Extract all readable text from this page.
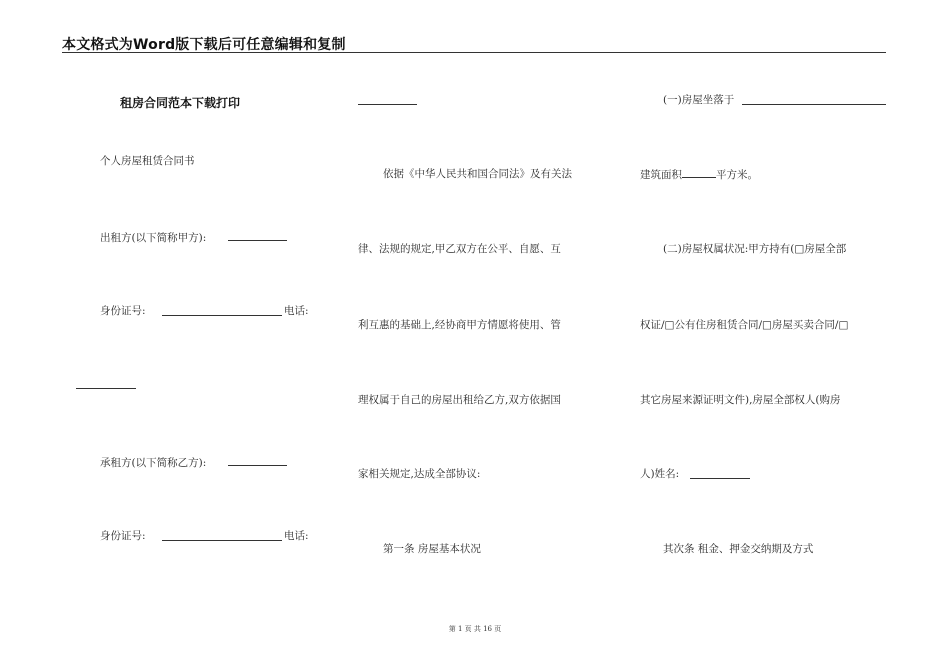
本文格式为Word版下载后可任意编辑和复制
租房合同范本下载打印
个人房屋租赁合同书
出租方(以下简称甲方):
身份证号:	电话:
承租方(以下简称乙方):
身份证号:	电话:
依据《中华人民共和国合同法》及有关法
律、法规的规定,甲乙双方在公平、自愿、互
利互惠的基础上,经协商甲方情愿将使用、管
理权属于自己的房屋出租给乙方,双方依据国
家相关规定,达成全部协议:
第一条 房屋基本状况
(一)房屋坐落于
建筑面积	平方米。
(二)房屋权属状况:甲方持有(□房屋全部
权证/□公有住房租赁合同/□房屋买卖合同/□
其它房屋来源证明文件),房屋全部权人(购房
人)姓名:
其次条 租金、押金交纳期及方式
第 1 页 共 16 页
